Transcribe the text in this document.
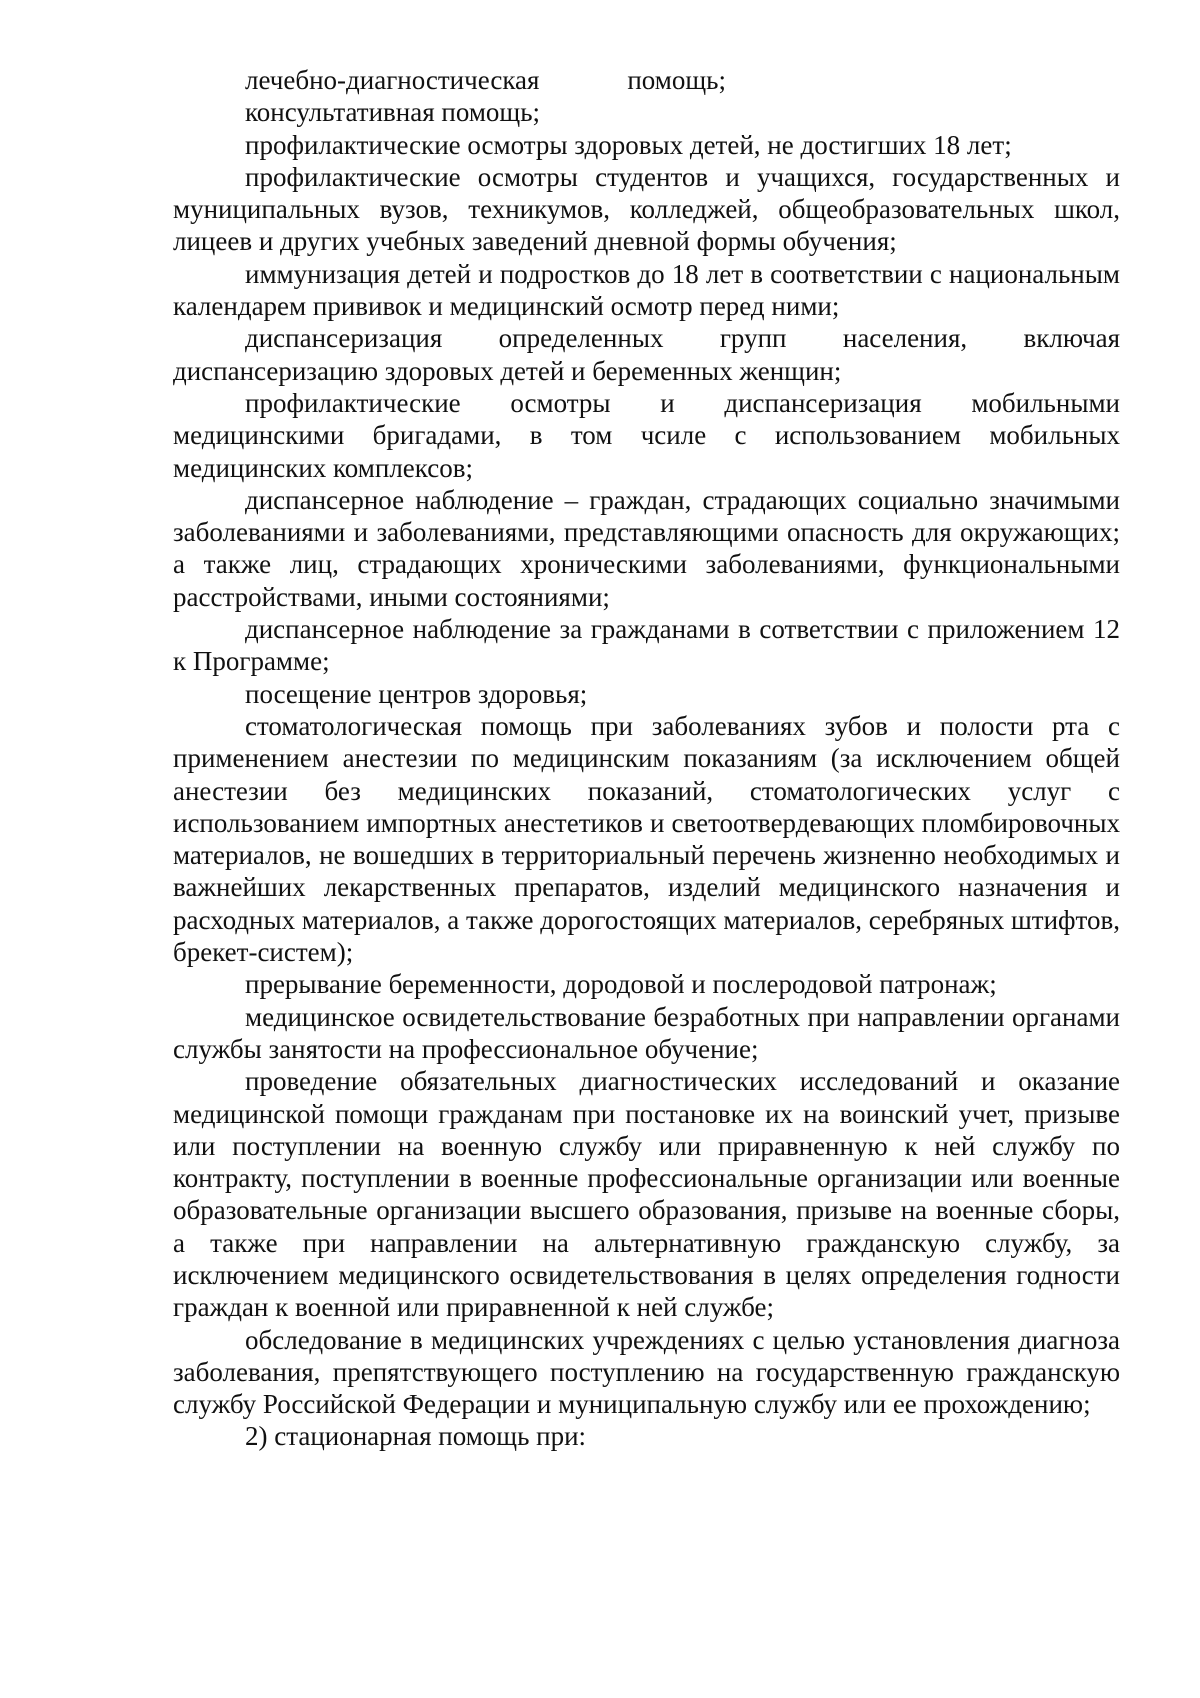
лечебно-диагностическая помощь;

консультативная помощь;

профилактические осмотры здоровых детей, не достигших 18 лет;

профилактические осмотры студентов и учащихся, государственных и муниципальных вузов, техникумов, колледжей, общеобразовательных школ, лицеев и других учебных заведений дневной формы обучения;

иммунизация детей и подростков до 18 лет в соответствии с национальным календарем прививок и медицинский осмотр перед ними;

диспансеризация определенных групп населения, включая диспансеризацию здоровых детей и беременных женщин;

профилактические осмотры и диспансеризация мобильными медицинскими бригадами, в том чсиле с использованием мобильных медицинских комплексов;

диспансерное наблюдение – граждан, страдающих социально значимыми заболеваниями и заболеваниями, представляющими опасность для окружающих; а также лиц, страдающих хроническими заболеваниями, функциональными расстройствами, иными состояниями;

диспансерное наблюдение за гражданами в сответствии с приложением 12 к Программе;

посещение центров здоровья;

стоматологическая помощь при заболеваниях зубов и полости рта с применением анестезии по медицинским показаниям (за исключением общей анестезии без медицинских показаний, стоматологических услуг с использованием импортных анестетиков и светоотвердевающих пломбировочных материалов, не вошедших в территориальный перечень жизненно необходимых и важнейших лекарственных препаратов, изделий медицинского назначения и расходных материалов, а также дорогостоящих материалов, серебряных штифтов, брекет-систем);

прерывание беременности, дородовой и послеродовой патронаж;

медицинское освидетельствование безработных при направлении органами службы занятости на профессиональное обучение;

проведение обязательных диагностических исследований и оказание медицинской помощи гражданам при постановке их на воинский учет, призыве или поступлении на военную службу или приравненную к ней службу по контракту, поступлении в военные профессиональные организации или военные образовательные организации высшего образования, призыве на военные сборы, а также при направлении на альтернативную гражданскую службу, за исключением медицинского освидетельствования в целях определения годности граждан к военной или приравненной к ней службе;

обследование в медицинских учреждениях с целью установления диагноза заболевания, препятствующего поступлению на государственную гражданскую службу Российской Федерации и муниципальную службу или ее прохождению;

2) стационарная помощь при:
